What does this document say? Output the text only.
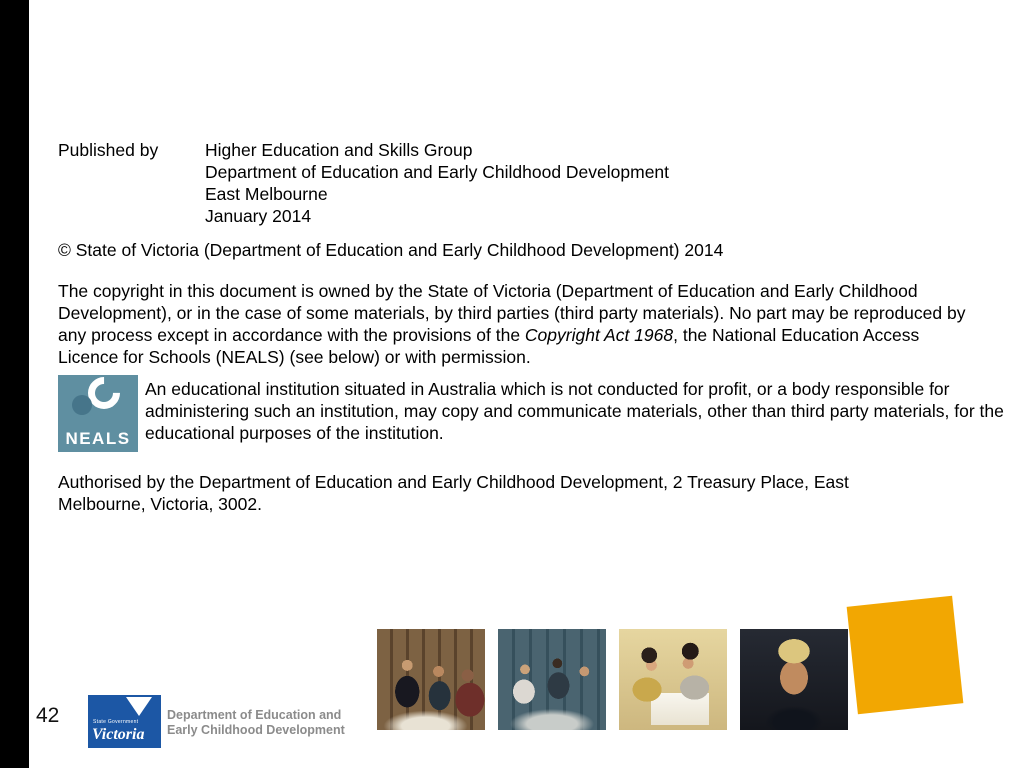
Published by	Higher Education and Skills Group
Department of Education and Early Childhood Development
East Melbourne
January 2014
© State of Victoria (Department of Education and Early Childhood Development) 2014
The copyright in this document is owned by the State of Victoria (Department of Education and Early Childhood Development), or in the case of some materials, by third parties (third party materials). No part may be reproduced by any process except in accordance with the provisions of the Copyright Act 1968, the National Education Access Licence for Schools (NEALS) (see below) or with permission.
NEALS
An educational institution situated in Australia which is not conducted for profit, or a body responsible for administering such an institution, may copy and communicate materials, other than third party materials, for the educational purposes of the institution.
Authorised by the Department of Education and Early Childhood Development, 2 Treasury Place, East Melbourne, Victoria, 3002.
42	State Government
Victoria
Department of Education and
Early Childhood Development
